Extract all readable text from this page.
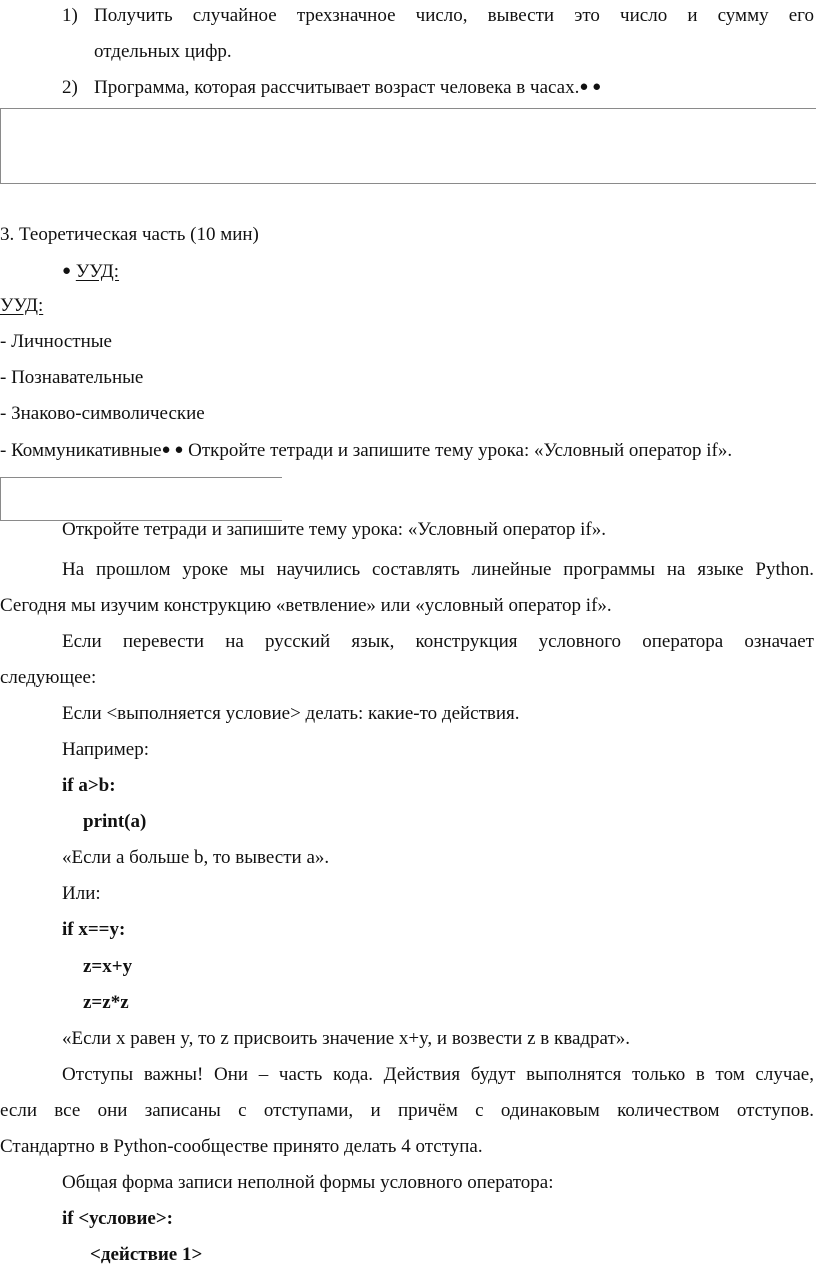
1) Получить случайное трехзначное число, вывести это число и сумму его
отдельных цифр.
2) Программа, которая рассчитывает возраст человека в часах.● ●
3. Теоретическая часть (10 мин)
● УУД:
УУД:
- Личностные
- Познавательные
- Знаково-символические
- Коммуникативные● ● Откройте тетради и запишите тему урока: «Условный оператор if».
Откройте тетради и запишите тему урока: «Условный оператор if».
На прошлом уроке мы научились составлять линейные программы на языке Python.
Сегодня мы изучим конструкцию «ветвление» или «условный оператор if».
Если перевести на русский язык, конструкция условного оператора означает
следующее:
Если <выполняется условие> делать: какие-то действия.
Например:
if a>b:
print(a)
«Если a больше b, то вывести a».
Или:
if x==y:
z=x+y
z=z*z
«Если x равен y, то z присвоить значение x+y, и возвести z в квадрат».
Отступы важны! Они – часть кода. Действия будут выполнятся только в том случае,
если все они записаны с отступами, и причём с одинаковым количеством отступов.
Стандартно в Python-сообществе принято делать 4 отступа.
Общая форма записи неполной формы условного оператора:
if <условие>:
<действие 1>
